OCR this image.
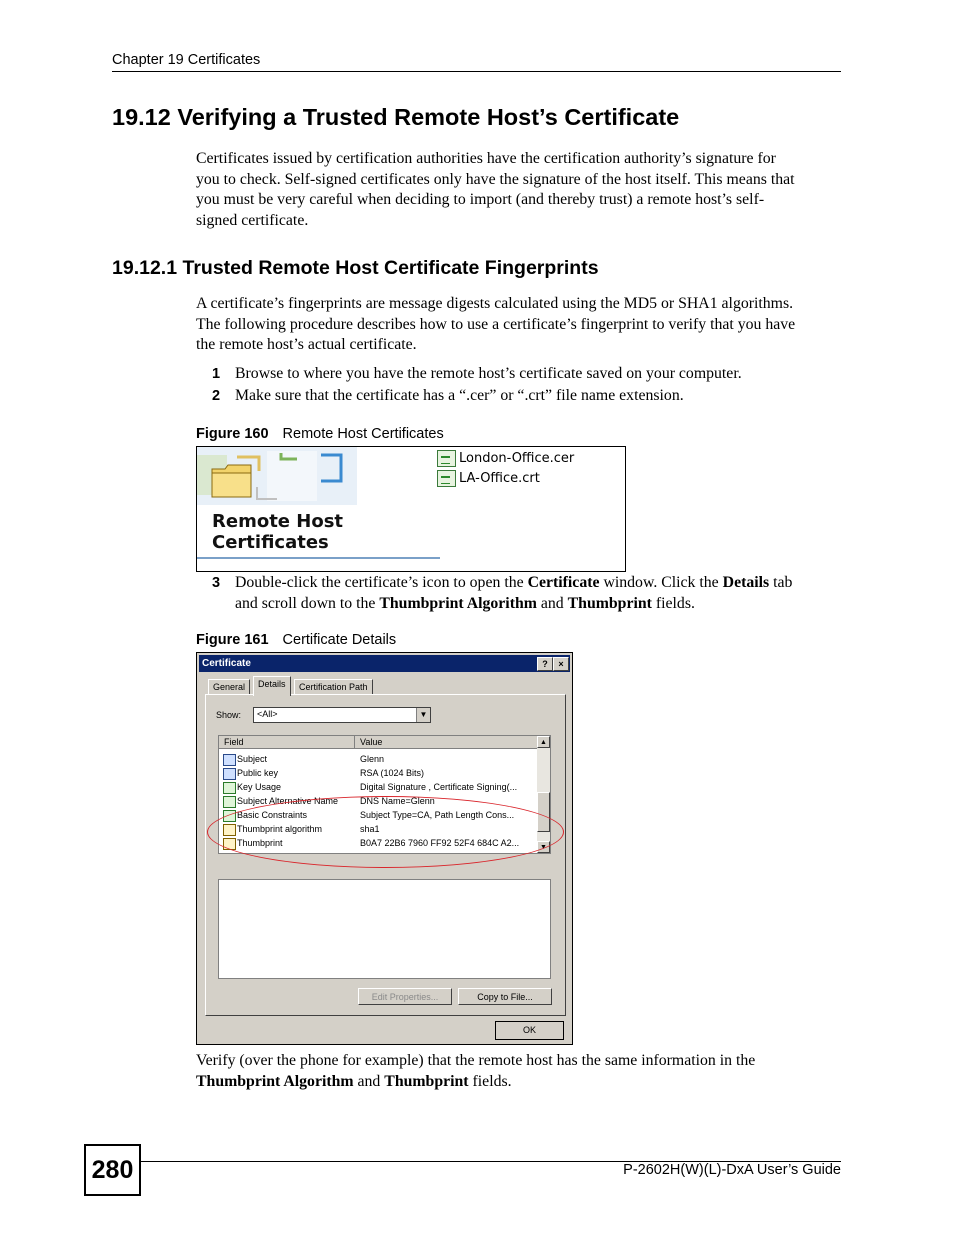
Chapter 19 Certificates
19.12 Verifying a Trusted Remote Host’s Certificate
Certificates issued by certification authorities have the certification authority’s signature for
you to check. Self-signed certificates only have the signature of the host itself. This means that
you must be very careful when deciding to import (and thereby trust) a remote host’s self-
signed certificate.
19.12.1 Trusted Remote Host Certificate Fingerprints
A certificate’s fingerprints are message digests calculated using the MD5 or SHA1 algorithms.
The following procedure describes how to use a certificate’s fingerprint to verify that you have
the remote host’s actual certificate.
1 Browse to where you have the remote host’s certificate saved on your computer.
2 Make sure that the certificate has a “.cer” or “.crt” file name extension.
Figure 160 Remote Host Certificates
Remote Host
Certificates
London-Office.cer
LA-Office.crt
3 Double-click the certificate’s icon to open the Certificate window. Click the Details tab
and scroll down to the Thumbprint Algorithm and Thumbprint fields.
Figure 161 Certificate Details
Certificate	?	×
General	Details	Certification Path
Show: <All>	▼
Field	Value
Subject	Glenn
Public key	RSA (1024 Bits)
Key Usage	Digital Signature , Certificate Signing(...
Subject Alternative Name DNS Name=Glenn
Basic Constraints	Subject Type=CA, Path Length Cons...
Thumbprint algorithm	sha1
Thumbprint	B0A7 22B6 7960 FF92 52F4 684C A2...
▲
▼
Edit Properties...	Copy to File...
OK
Verify (over the phone for example) that the remote host has the same information in the
Thumbprint Algorithm and Thumbprint fields.
280	P-2602H(W)(L)-DxA User’s Guide
